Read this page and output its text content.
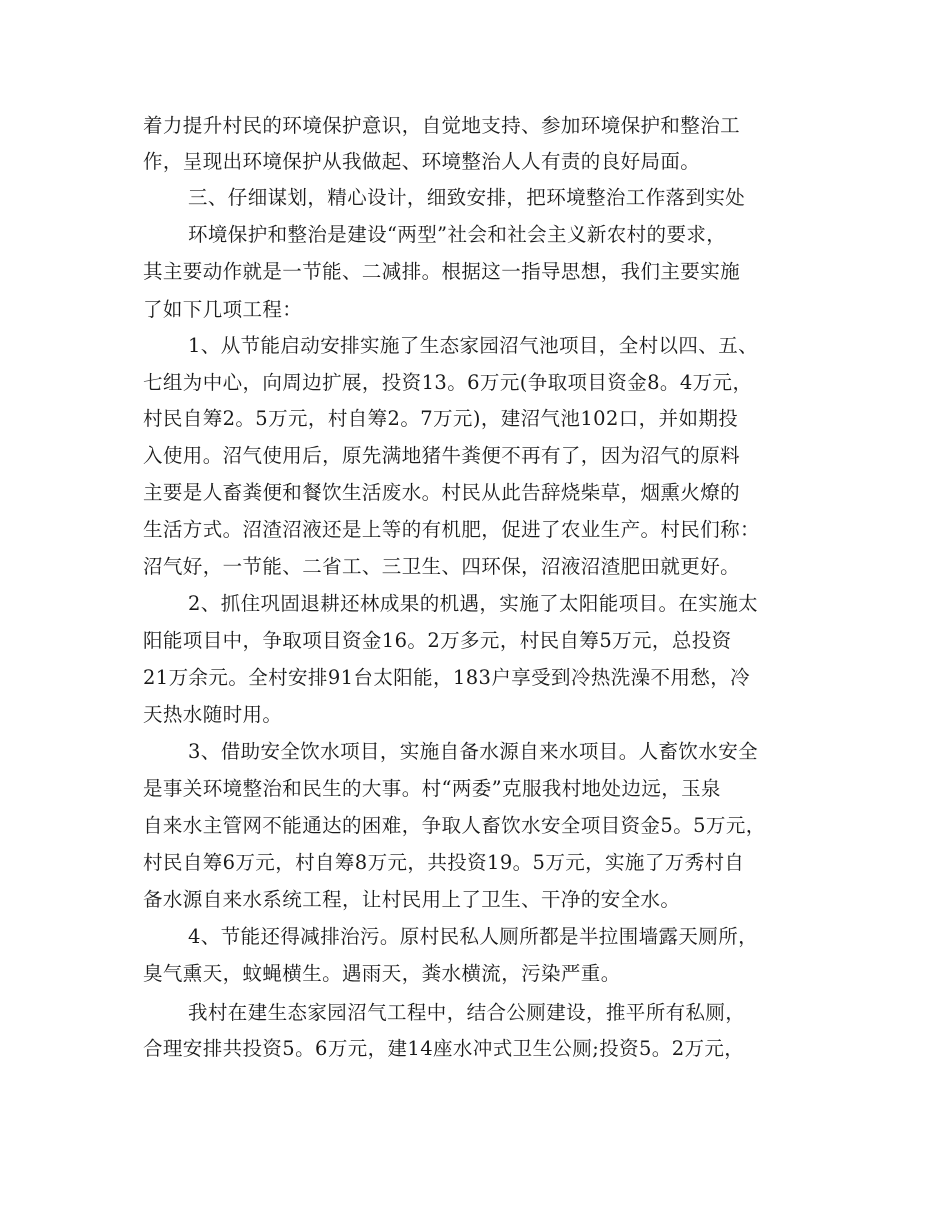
着力提升村民的环境保护意识，自觉地支持、参加环境保护和整治工
作，呈现出环境保护从我做起、环境整治人人有责的良好局面。
三、仔细谋划，精心设计，细致安排，把环境整治工作落到实处
环境保护和整治是建设“两型”社会和社会主义新农村的要求，
其主要动作就是一节能、二减排。根据这一指导思想，我们主要实施
了如下几项工程：
1、从节能启动安排实施了生态家园沼气池项目，全村以四、五、
七组为中心，向周边扩展，投资13。6万元(争取项目资金8。4万元，
村民自筹2。5万元，村自筹2。7万元)，建沼气池102口，并如期投
入使用。沼气使用后，原先满地猪牛粪便不再有了，因为沼气的原料
主要是人畜粪便和餐饮生活废水。村民从此告辞烧柴草，烟熏火燎的
生活方式。沼渣沼液还是上等的有机肥，促进了农业生产。村民们称：
沼气好，一节能、二省工、三卫生、四环保，沼液沼渣肥田就更好。
2、抓住巩固退耕还林成果的机遇，实施了太阳能项目。在实施太
阳能项目中，争取项目资金16。2万多元，村民自筹5万元，总投资
21万余元。全村安排91台太阳能，183户享受到冷热洗澡不用愁，冷
天热水随时用。
3、借助安全饮水项目，实施自备水源自来水项目。人畜饮水安全
是事关环境整治和民生的大事。村“两委”克服我村地处边远，玉泉
自来水主管网不能通达的困难，争取人畜饮水安全项目资金5。5万元，
村民自筹6万元，村自筹8万元，共投资19。5万元，实施了万秀村自
备水源自来水系统工程，让村民用上了卫生、干净的安全水。
4、节能还得减排治污。原村民私人厕所都是半拉围墙露天厕所，
臭气熏天，蚊蝇横生。遇雨天，粪水横流，污染严重。
我村在建生态家园沼气工程中，结合公厕建设，推平所有私厕，
合理安排共投资5。6万元，建14座水冲式卫生公厕;投资5。2万元，
